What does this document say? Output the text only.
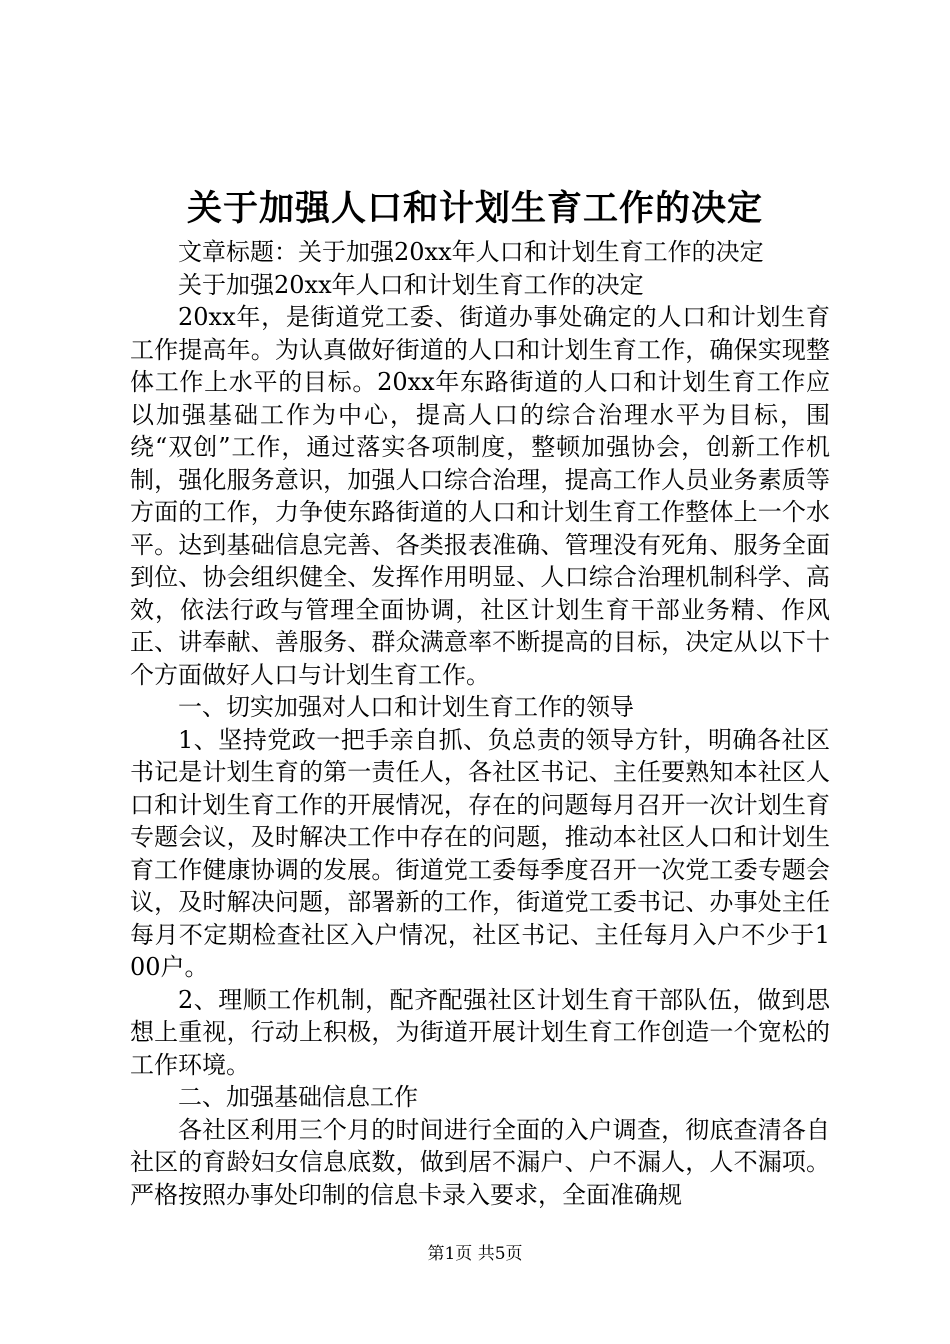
关于加强人口和计划生育工作的决定

文章标题：关于加强20xx年人口和计划生育工作的决定

关于加强20xx年人口和计划生育工作的决定

20xx年，是街道党工委、街道办事处确定的人口和计划生育工作提高年。为认真做好街道的人口和计划生育工作，确保实现整体工作上水平的目标。20xx年东路街道的人口和计划生育工作应以加强基础工作为中心，提高人口的综合治理水平为目标，围绕“双创”工作，通过落实各项制度，整顿加强协会，创新工作机制，强化服务意识，加强人口综合治理，提高工作人员业务素质等方面的工作，力争使东路街道的人口和计划生育工作整体上一个水平。达到基础信息完善、各类报表准确、管理没有死角、服务全面到位、协会组织健全、发挥作用明显、人口综合治理机制科学、高效，依法行政与管理全面协调，社区计划生育干部业务精、作风正、讲奉献、善服务、群众满意率不断提高的目标，决定从以下十个方面做好人口与计划生育工作。

一、切实加强对人口和计划生育工作的领导

1、坚持党政一把手亲自抓、负总责的领导方针，明确各社区书记是计划生育的第一责任人，各社区书记、主任要熟知本社区人口和计划生育工作的开展情况，存在的问题每月召开一次计划生育专题会议，及时解决工作中存在的问题，推动本社区人口和计划生育工作健康协调的发展。街道党工委每季度召开一次党工委专题会议，及时解决问题，部署新的工作，街道党工委书记、办事处主任每月不定期检查社区入户情况，社区书记、主任每月入户不少于100户。

2、理顺工作机制，配齐配强社区计划生育干部队伍，做到思想上重视，行动上积极，为街道开展计划生育工作创造一个宽松的工作环境。

二、加强基础信息工作

各社区利用三个月的时间进行全面的入户调查，彻底查清各自社区的育龄妇女信息底数，做到居不漏户、户不漏人，人不漏项。严格按照办事处印制的信息卡录入要求，全面准确规

第1页 共5页
